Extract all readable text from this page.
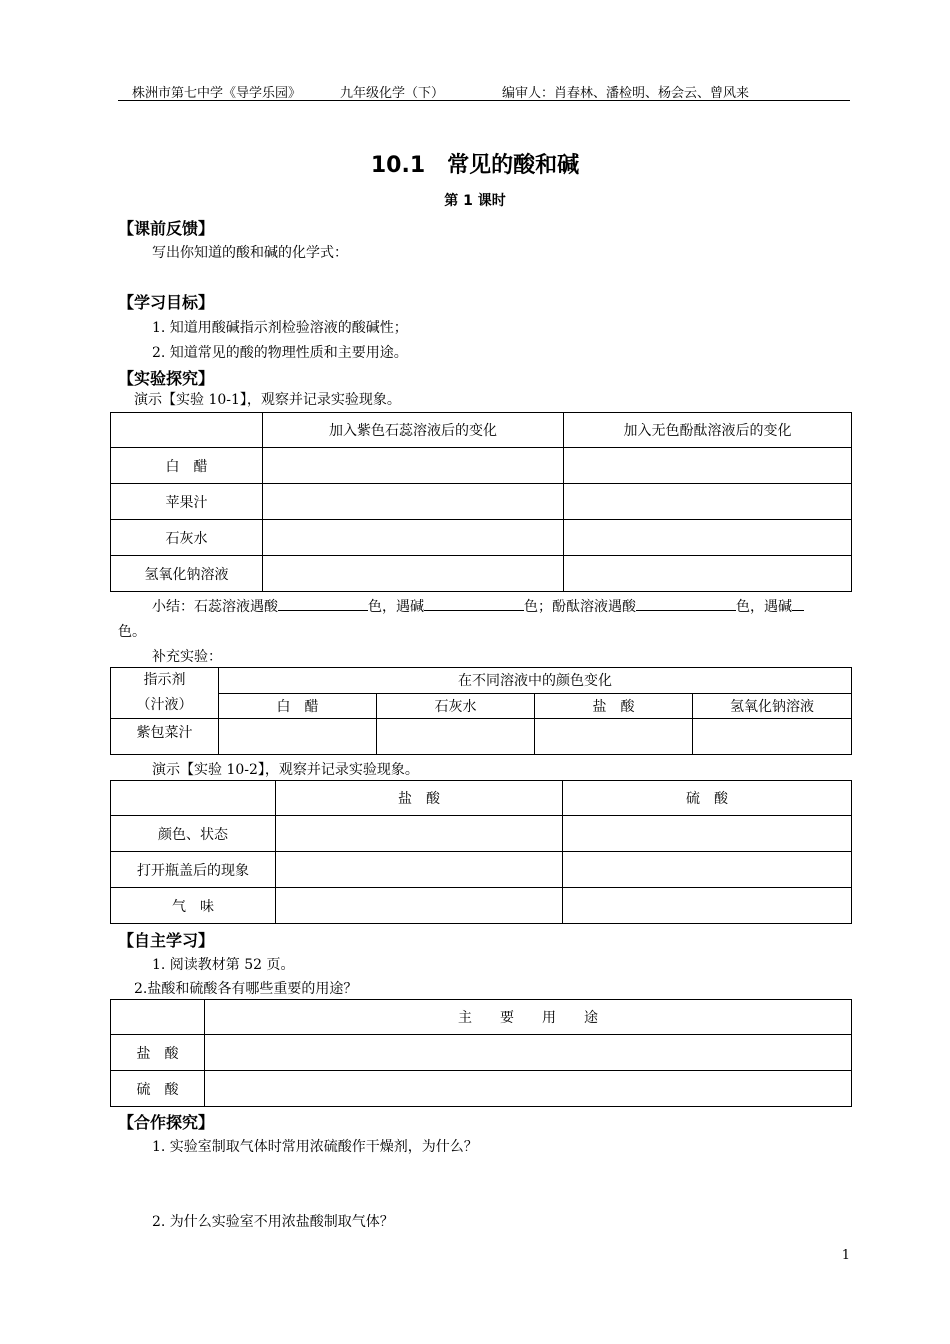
株洲市第七中学《导学乐园》	九年级化学（下）	编审人：肖春林、潘检明、杨会云、曾风来
10.1　常见的酸和碱
第 1 课时
【课前反馈】
写出你知道的酸和碱的化学式：
【学习目标】
1. 知道用酸碱指示剂检验溶液的酸碱性；
2. 知道常见的酸的物理性质和主要用途。
【实验探究】
演示【实验 10-1】，观察并记录实验现象。
	加入紫色石蕊溶液后的变化	加入无色酚酞溶液后的变化
白　醋		
苹果汁		
石灰水		
氢氧化钠溶液		
小结：石蕊溶液遇酸	色，遇碱	色；酚酞溶液遇酸	色，遇碱
色。
补充实验：
指示剂
（汁液）	在不同溶液中的颜色变化			
	白　醋	石灰水	盐　酸	氢氧化钠溶液
紫包菜汁				
演示【实验 10-2】，观察并记录实验现象。
	盐　酸	硫　酸
颜色、状态		
打开瓶盖后的现象		
气　味		
【自主学习】
1. 阅读教材第 52 页。
2.盐酸和硫酸各有哪些重要的用途？
	主　　要　　用　　途
盐　酸	
硫　酸	
【合作探究】
1. 实验室制取气体时常用浓硫酸作干燥剂，为什么？
2. 为什么实验室不用浓盐酸制取气体？
1
